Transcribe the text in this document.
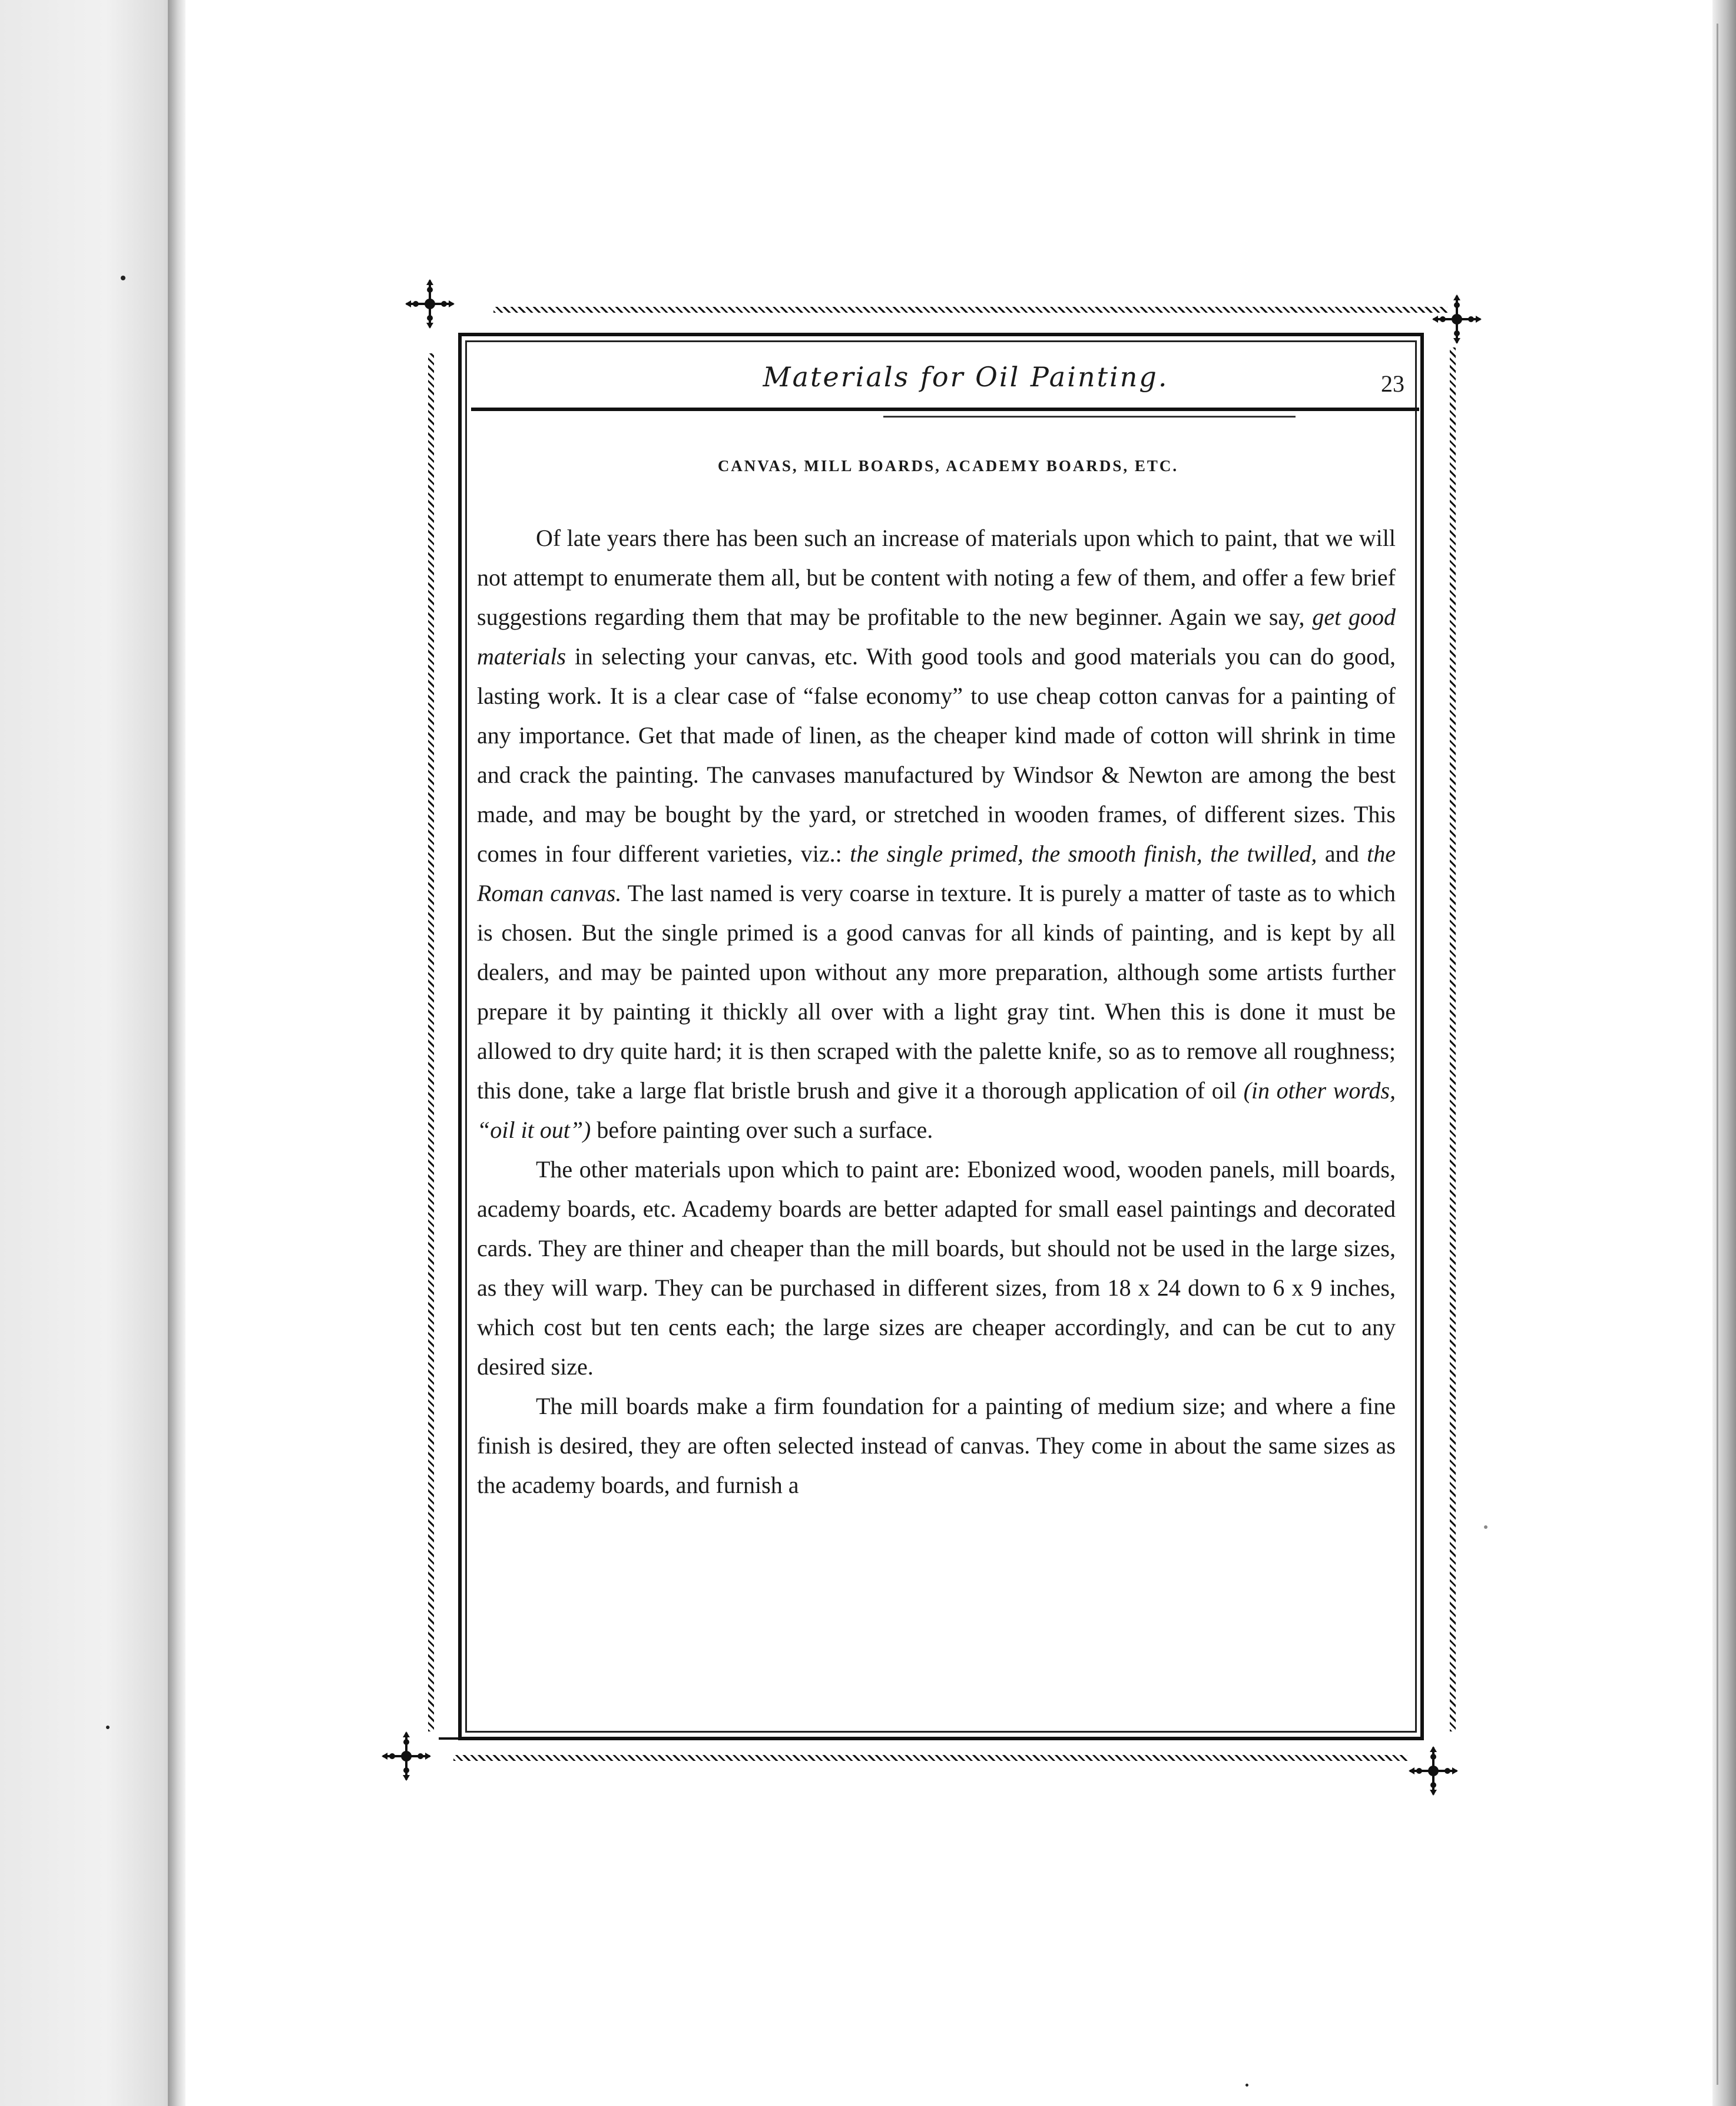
Materials for Oil Painting.	23
CANVAS, MILL BOARDS, ACADEMY BOARDS, ETC.

Of late years there has been such an increase of materials upon which to paint, that we will not attempt to enumerate them all, but be content with noting a few of them, and offer a few brief suggestions regarding them that may be profitable to the new beginner. Again we say, get good materials in selecting your canvas, etc. With good tools and good materials you can do good, lasting work. It is a clear case of “false economy” to use cheap cotton canvas for a painting of any importance. Get that made of linen, as the cheaper kind made of cotton will shrink in time and crack the painting. The canvases manufactured by Windsor & Newton are among the best made, and may be bought by the yard, or stretched in wooden frames, of different sizes. This comes in four different varieties, viz.: the single primed, the smooth finish, the twilled, and the Roman canvas. The last named is very coarse in texture. It is purely a matter of taste as to which is chosen. But the single primed is a good canvas for all kinds of painting, and is kept by all dealers, and may be painted upon without any more preparation, although some artists further prepare it by painting it thickly all over with a light gray tint. When this is done it must be allowed to dry quite hard; it is then scraped with the palette knife, so as to remove all roughness; this done, take a large flat bristle brush and give it a thorough application of oil (in other words, “oil it out”) before painting over such a surface.

The other materials upon which to paint are: Ebonized wood, wooden panels, mill boards, academy boards, etc. Academy boards are better adapted for small easel paintings and decorated cards. They are thiner and cheaper than the mill boards, but should not be used in the large sizes, as they will warp. They can be purchased in different sizes, from 18 x 24 down to 6 x 9 inches, which cost but ten cents each; the large sizes are cheaper accordingly, and can be cut to any desired size.

The mill boards make a firm foundation for a painting of medium size; and where a fine finish is desired, they are often selected instead of canvas. They come in about the same sizes as the academy boards, and furnish a
